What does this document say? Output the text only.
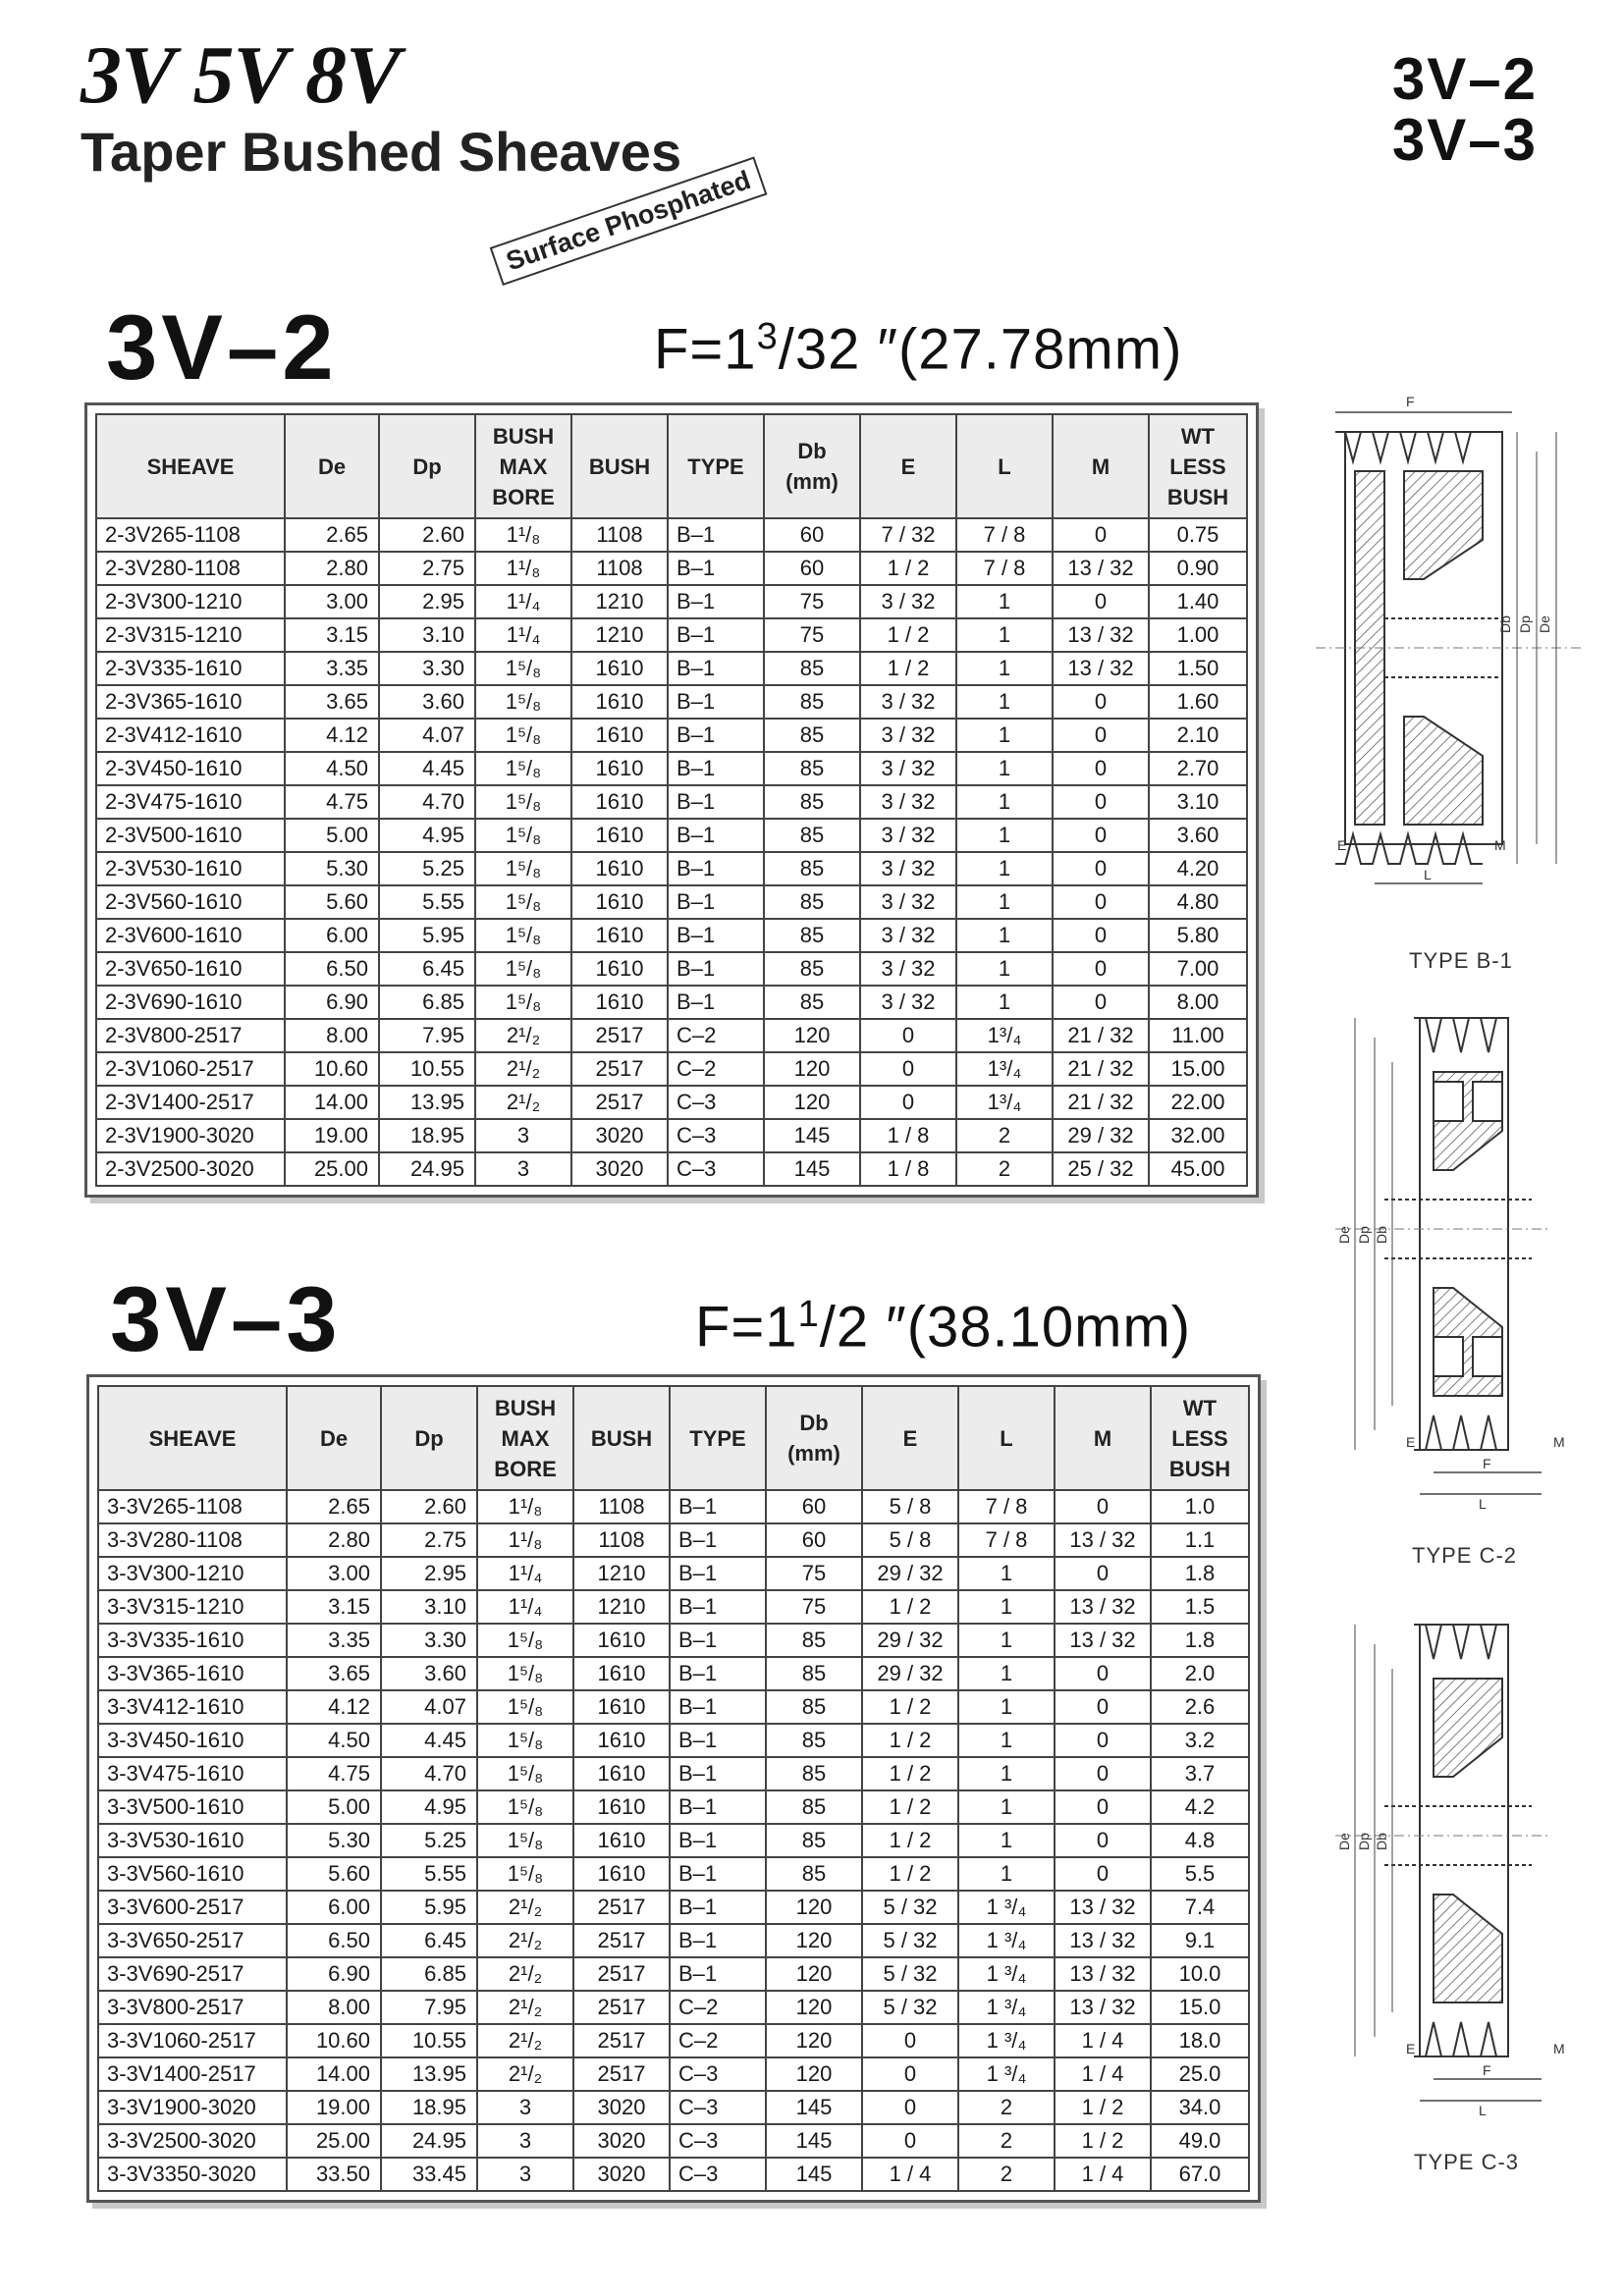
3V 5V 8V
Taper Bushed Sheaves
3V–2
3V–3
Surface Phosphated
3V–2	$F=1^3/32$ ″(27.78mm)
SHEAVE	De	Dp	BUSH MAX BORE	BUSH	TYPE	Db (mm)	E	L	M	WT LESS BUSH
2-3V265-1108	2.65	2.60	1¹/₈	1108	B–1	60	7 / 32	7 / 8	0	0.75
2-3V280-1108	2.80	2.75	1¹/₈	1108	B–1	60	1 / 2	7 / 8	13 / 32	0.90
2-3V300-1210	3.00	2.95	1¹/₄	1210	B–1	75	3 / 32	1	0	1.40
2-3V315-1210	3.15	3.10	1¹/₄	1210	B–1	75	1 / 2	1	13 / 32	1.00
2-3V335-1610	3.35	3.30	1⁵/₈	1610	B–1	85	1 / 2	1	13 / 32	1.50
2-3V365-1610	3.65	3.60	1⁵/₈	1610	B–1	85	3 / 32	1	0	1.60
2-3V412-1610	4.12	4.07	1⁵/₈	1610	B–1	85	3 / 32	1	0	2.10
2-3V450-1610	4.50	4.45	1⁵/₈	1610	B–1	85	3 / 32	1	0	2.70
2-3V475-1610	4.75	4.70	1⁵/₈	1610	B–1	85	3 / 32	1	0	3.10
2-3V500-1610	5.00	4.95	1⁵/₈	1610	B–1	85	3 / 32	1	0	3.60
2-3V530-1610	5.30	5.25	1⁵/₈	1610	B–1	85	3 / 32	1	0	4.20
2-3V560-1610	5.60	5.55	1⁵/₈	1610	B–1	85	3 / 32	1	0	4.80
2-3V600-1610	6.00	5.95	1⁵/₈	1610	B–1	85	3 / 32	1	0	5.80
2-3V650-1610	6.50	6.45	1⁵/₈	1610	B–1	85	3 / 32	1	0	7.00
2-3V690-1610	6.90	6.85	1⁵/₈	1610	B–1	85	3 / 32	1	0	8.00
2-3V800-2517	8.00	7.95	2¹/₂	2517	C–2	120	0	1³/₄	21 / 32	11.00
2-3V1060-2517	10.60	10.55	2¹/₂	2517	C–2	120	0	1³/₄	21 / 32	15.00
2-3V1400-2517	14.00	13.95	2¹/₂	2517	C–3	120	0	1³/₄	21 / 32	22.00
2-3V1900-3020	19.00	18.95	3	3020	C–3	145	1 / 8	2	29 / 32	32.00
2-3V2500-3020	25.00	24.95	3	3020	C–3	145	1 / 8	2	25 / 32	45.00
3V–3	$F=1^1/2$ ″(38.10mm)
SHEAVE	De	Dp	BUSH MAX BORE	BUSH	TYPE	Db (mm)	E	L	M	WT LESS BUSH
3-3V265-1108	2.65	2.60	1¹/₈	1108	B–1	60	5 / 8	7 / 8	0	1.0
3-3V280-1108	2.80	2.75	1¹/₈	1108	B–1	60	5 / 8	7 / 8	13 / 32	1.1
3-3V300-1210	3.00	2.95	1¹/₄	1210	B–1	75	29 / 32	1	0	1.8
3-3V315-1210	3.15	3.10	1¹/₄	1210	B–1	75	1 / 2	1	13 / 32	1.5
3-3V335-1610	3.35	3.30	1⁵/₈	1610	B–1	85	29 / 32	1	13 / 32	1.8
3-3V365-1610	3.65	3.60	1⁵/₈	1610	B–1	85	29 / 32	1	0	2.0
3-3V412-1610	4.12	4.07	1⁵/₈	1610	B–1	85	1 / 2	1	0	2.6
3-3V450-1610	4.50	4.45	1⁵/₈	1610	B–1	85	1 / 2	1	0	3.2
3-3V475-1610	4.75	4.70	1⁵/₈	1610	B–1	85	1 / 2	1	0	3.7
3-3V500-1610	5.00	4.95	1⁵/₈	1610	B–1	85	1 / 2	1	0	4.2
3-3V530-1610	5.30	5.25	1⁵/₈	1610	B–1	85	1 / 2	1	0	4.8
3-3V560-1610	5.60	5.55	1⁵/₈	1610	B–1	85	1 / 2	1	0	5.5
3-3V600-2517	6.00	5.95	2¹/₂	2517	B–1	120	5 / 32	1 ³/₄	13 / 32	7.4
3-3V650-2517	6.50	6.45	2¹/₂	2517	B–1	120	5 / 32	1 ³/₄	13 / 32	9.1
3-3V690-2517	6.90	6.85	2¹/₂	2517	B–1	120	5 / 32	1 ³/₄	13 / 32	10.0
3-3V800-2517	8.00	7.95	2¹/₂	2517	C–2	120	5 / 32	1 ³/₄	13 / 32	15.0
3-3V1060-2517	10.60	10.55	2¹/₂	2517	C–2	120	0	1 ³/₄	1 / 4	18.0
3-3V1400-2517	14.00	13.95	2¹/₂	2517	C–3	120	0	1 ³/₄	1 / 4	25.0
3-3V1900-3020	19.00	18.95	3	3020	C–3	145	0	2	1 / 2	34.0
3-3V2500-3020	25.00	24.95	3	3020	C–3	145	0	2	1 / 2	49.0
3-3V3350-3020	33.50	33.45	3	3020	C–3	145	1 / 4	2	1 / 4	67.0
F
Db Dp De
E	M
L
TYPE B-1
De Dp Db
E	M
F
L
TYPE C-2
De Dp Db
E	M
F
L
TYPE C-3
